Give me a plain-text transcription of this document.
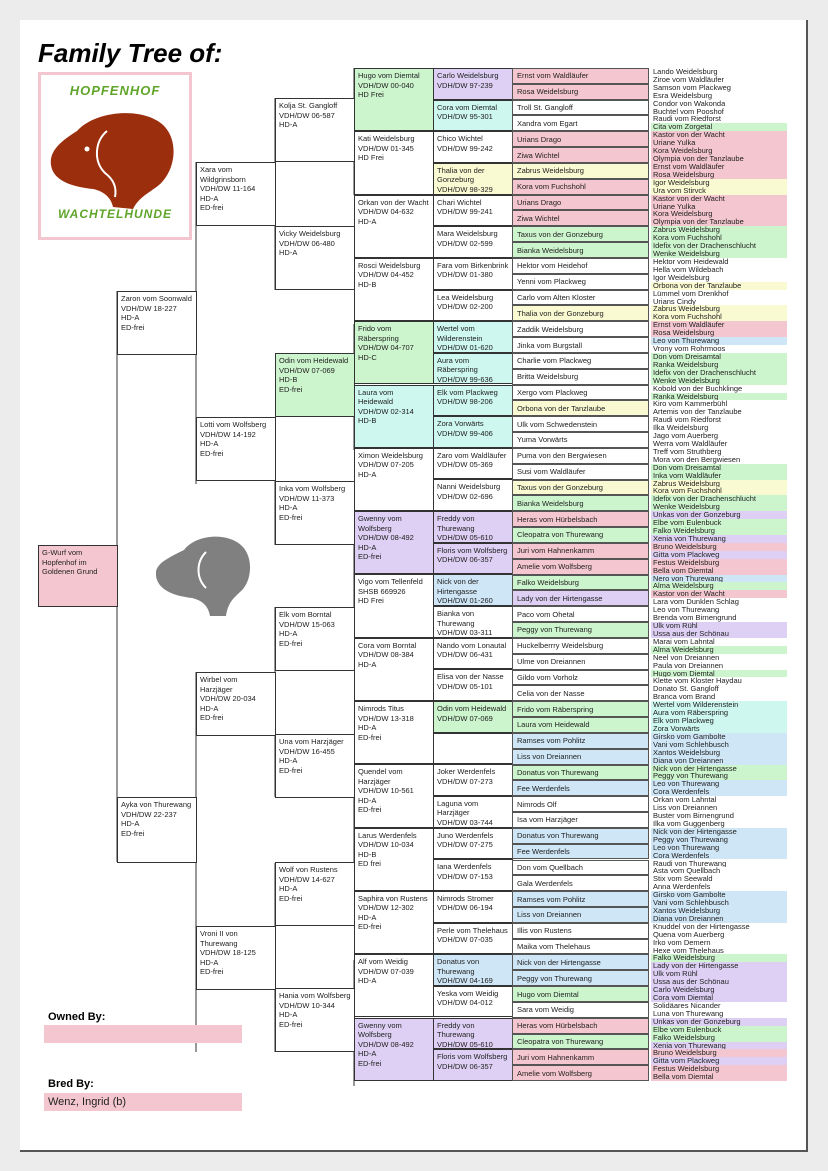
Family Tree of:
HOPFENHOF
WACHTELHUNDE
G-Wurf vom Hopfenhof im Goldenen Grund
Zaron vom Soonwald
VDH/DW 18-227
HD-A
ED-frei
Ayka von Thurewang
VDH/DW 22-237
HD-A
ED-frei
Xara vom Wildgrinsborn
VDH/DW 11-164
HD-A
ED-frei
Lotti vom Wolfsberg
VDH/DW 14-192
HD-A
ED-frei
Wirbel vom Harzjäger
VDH/DW 20-034
HD-A
ED-frei
Vroni II von Thurewang
VDH/DW 18-125
HD-A
ED-frei
Kolja St. Gangloff
VDH/DW 06-587
HD-A
Vicky Weidelsburg
VDH/DW 06-480
HD-A
Odin vom Heidewald
VDH/DW 07-069
HD-B
ED-frei
Inka vom Wolfsberg
VDH/DW 11-373
HD-A
ED-frei
Elk vom Borntal
VDH/DW 15-063
HD-A
ED-frei
Una vom Harzjäger
VDH/DW 16-455
HD-A
ED-frei
Wolf von Rustens
VDH/DW 14-627
HD-A
ED-frei
Hania vom Wolfsberg
VDH/DW 10-344
HD-A
ED-frei
Hugo vom Diemtal
VDH/DW 00-040
HD Frei
Kati Weidelsburg
VDH/DW 01-345
HD Frei
Orkan von der Wacht
VDH/DW 04-632
HD-A
Rosci Weidelsburg
VDH/DW 04-452
HD-B
Frido vom Räberspring
VDH/DW 04-707
HD-C
Laura vom Heidewald
VDH/DW 02-314
HD-B
Ximon Weidelsburg
VDH/DW 07-205
HD-A
Gwenny vom Wolfsberg
VDH/DW 08-492
HD-A
ED-frei
Vigo vom Tellenfeld
SHSB 669926
HD Frei
Cora vom Borntal
VDH/DW 08-384
HD-A
Nimrods Titus
VDH/DW 13-318
HD-A
ED-frei
Quendel vom Harzjäger
VDH/DW 10-561
HD-A
ED-frei
Larus Werdenfels
VDH/DW 10-034
HD-B
ED frei
Saphira von Rustens
VDH/DW 12-302
HD-A
ED-frei
Alf vom Weidig
VDH/DW 07-039
HD-A
Gwenny vom Wolfsberg
VDH/DW 08-492
HD-A
ED-frei
Carlo Weidelsburg
VDH/DW 97-239
Cora vom Diemtal
VDH/DW 95-301
Chico Wichtel
VDH/DW 99-242
Thalia von der Gonzeburg
VDH/DW 98-329
Chari Wichtel
VDH/DW 99-241
Mara Weidelsburg
VDH/DW 02-599
Fara vom Birkenbrink
VDH/DW 01-380
Lea Weidelsburg
VDH/DW 02-200
Wertel vom Wilderenstein
VDH/DW 01-620
Aura vom Räberspring
VDH/DW 99-636
Elk vom Plackweg
VDH/DW 98-206
Zora Vorwärts
VDH/DW 99-406
Zaro vom Waldläufer
VDH/DW 05-369
Nanni Weidelsburg
VDH/DW 02-696
Freddy von Thurewang
VDH/DW 05-610
Floris vom Wolfsberg
VDH/DW 06-357
Nick von der Hirtengasse
VDH/DW 01-260
Bianka von Thurewang
VDH/DW 03-311
Nando vom Lonautal
VDH/DW 06-431
Elisa von der Nasse
VDH/DW 05-101
Odin vom Heidewald
VDH/DW 07-069
Joker Werdenfels
VDH/DW 07-273
Laguna vom Harzjäger
VDH/DW 03-744
Juno Werdenfels
VDH/DW 07-275
Iana Werdenfels
VDH/DW 07-153
Nimrods Stromer
VDH/DW 06-194
Perle vom Thelehaus
VDH/DW 07-035
Donatus von Thurewang
VDH/DW 04-169
Yeska vom Weidig
VDH/DW 04-012
Freddy von Thurewang
VDH/DW 05-610
Floris vom Wolfsberg
VDH/DW 06-357
Ernst vom Waldläufer
Rosa Weidelsburg
Troll St. Gangloff
Xandra vom Egart
Urians Drago
Ziwa Wichtel
Zabrus Weidelsburg
Kora vom Fuchshohl
Urians Drago
Ziwa Wichtel
Taxus von der Gonzeburg
Bianka Weidelsburg
Hektor vom Heidehof
Yenni vom Plackweg
Carlo vom Alten Kloster
Thalia von der Gonzeburg
Zaddik Weidelsburg
Jinka vom Burgstall
Charlie vom Plackweg
Britta Weidelsburg
Xergo vom Plackweg
Orbona von der Tanzlaube
Ulk vom Schwedenstein
Yuma Vorwärts
Puma von den Bergwiesen
Susi vom Waldläufer
Taxus von der Gonzeburg
Bianka Weidelsburg
Heras vom Hürbelsbach
Cleopatra von Thurewang
Juri vom Hahnenkamm
Amelie vom Wolfsberg
Falko Weidelsburg
Lady von der Hirtengasse
Paco vom Ohetal
Peggy von Thurewang
Huckelberrry Weidelsburg
Ulme von Dreiannen
Gildo vom Vorholz
Celia von der Nasse
Frido vom Räberspring
Laura vom Heidewald
Ramses vom Pohlitz
Liss von Dreiannen
Donatus von Thurewang
Fee Werdenfels
Nimrods Olf
Isa vom Harzjäger
Donatus von Thurewang
Fee Werdenfels
Don vom Quellbach
Gala Werdenfels
Ramses vom Pohlitz
Liss von Dreiannen
Illis von Rustens
Maika vom Thelehaus
Nick von der Hirtengasse
Peggy von Thurewang
Hugo vom Diemtal
Sara vom Weidig
Heras vom Hürbelsbach
Cleopatra von Thurewang
Juri vom Hahnenkamm
Amelie vom Wolfsberg
Lando Weidelsburg
Ziroe vom Waldläufer
Samson vom Plackweg
Esra Weidelsburg
Condor von Wakonda
Buchtel vom Pooshof
Raudi vom Riedforst
Cita vom Zorgetal
Kastor von der Wacht
Uriane Yulka
Kora Weidelsburg
Olympia von der Tanzlaube
Ernst vom Waldläufer
Rosa Weidelsburg
Igor Weidelsburg
Ura vom Stirvck
Kastor von der Wacht
Uriane Yulka
Kora Weidelsburg
Olympia von der Tanzlaube
Zabrus Weidelsburg
Kora vom Fuchshohl
Idefix von der Drachenschlucht
Wenke Weidelsburg
Hektor vom Heidewald
Hella vom Wildebach
Igor Weidelsburg
Orbona von der Tanzlaube
Lümmel vom Drenkhof
Urians Cindy
Zabrus Weidelsburg
Kora vom Fuchshohl
Ernst vom Waldläufer
Rosa Weidelsburg
Leo von Thurewang
Vrony vom Rohrmoos
Don vom Dreisamtal
Ranka Weidelsburg
Idefix von der Drachenschlucht
Wenke Weidelsburg
Kobold von der Buchklinge
Ranka Weidelsburg
Kiro vom Kammerbühl
Artemis von der Tanzlaube
Raudi vom Riedforst
Ilka Weidelsburg
Jago vom Auerberg
Werra vom Waldläufer
Treff vom Struthberg
Mora von den Bergwiesen
Don vom Dreisamtal
Inka vom Waldläufer
Zabrus Weidelsburg
Kora vom Fuchshohl
Idefix von der Drachenschlucht
Wenke Weidelsburg
Unkas von der Gonzeburg
Elbe vom Eulenbuck
Falko Weidelsburg
Xenia von Thurewang
Bruno Weidelsburg
Gitta vom Plackweg
Festus Weidelsburg
Bella vom Diemtal
Nero von Thurewang
Alma Weidelsburg
Kastor von der Wacht
Lara vom Dunklen Schlag
Leo von Thurewang
Brenda vom Birnengrund
Ulk vom Rühl
Ussa aus der Schönau
Marai vom Lahntal
Alma Weidelsburg
Neel von Dreiannen
Paula von Dreiannen
Hugo vom Diemtal
Klette vom Kloster Haydau
Donato St. Gangloff
Branca vom Brand
Wertel vom Wilderenstein
Aura vom Räberspring
Elk vom Plackweg
Zora Vorwärts
Girsko vom Gambolte
Vani vom Schlehbusch
Xantos Weidelsburg
Diana von Dreiannen
Nick von der Hirtengasse
Peggy von Thurewang
Leo von Thurewang
Cora Werdenfels
Orkan vom Lahntal
Liss von Dreiannen
Buster vom Birnengrund
Ilka vom Guggenberg
Nick von der Hirtengasse
Peggy von Thurewang
Leo von Thurewang
Cora Werdenfels
Raudi von Thurewang
Asta vom Quellbach
Stix vom Seewald
Anna Werdenfels
Girsko vom Gambolte
Vani vom Schlehbusch
Xantos Weidelsburg
Diana von Dreiannen
Knuddel von der Hirtengasse
Quena vom Auerberg
Irko vom Demern
Hexe vom Thelehaus
Falko Weidelsburg
Lady von der Hirtengasse
Ulk vom Rühl
Ussa aus der Schönau
Carlo Weidelsburg
Cora vom Diemtal
Solidäares Nicander
Luna von Thurewang
Unkas von der Gonzeburg
Elbe vom Eulenbuck
Falko Weidelsburg
Xenia von Thurewang
Bruno Weidelsburg
Gitta vom Plackweg
Festus Weidelsburg
Bella vom Diemtal
Owned By:
Bred By:
Wenz, Ingrid (b)
